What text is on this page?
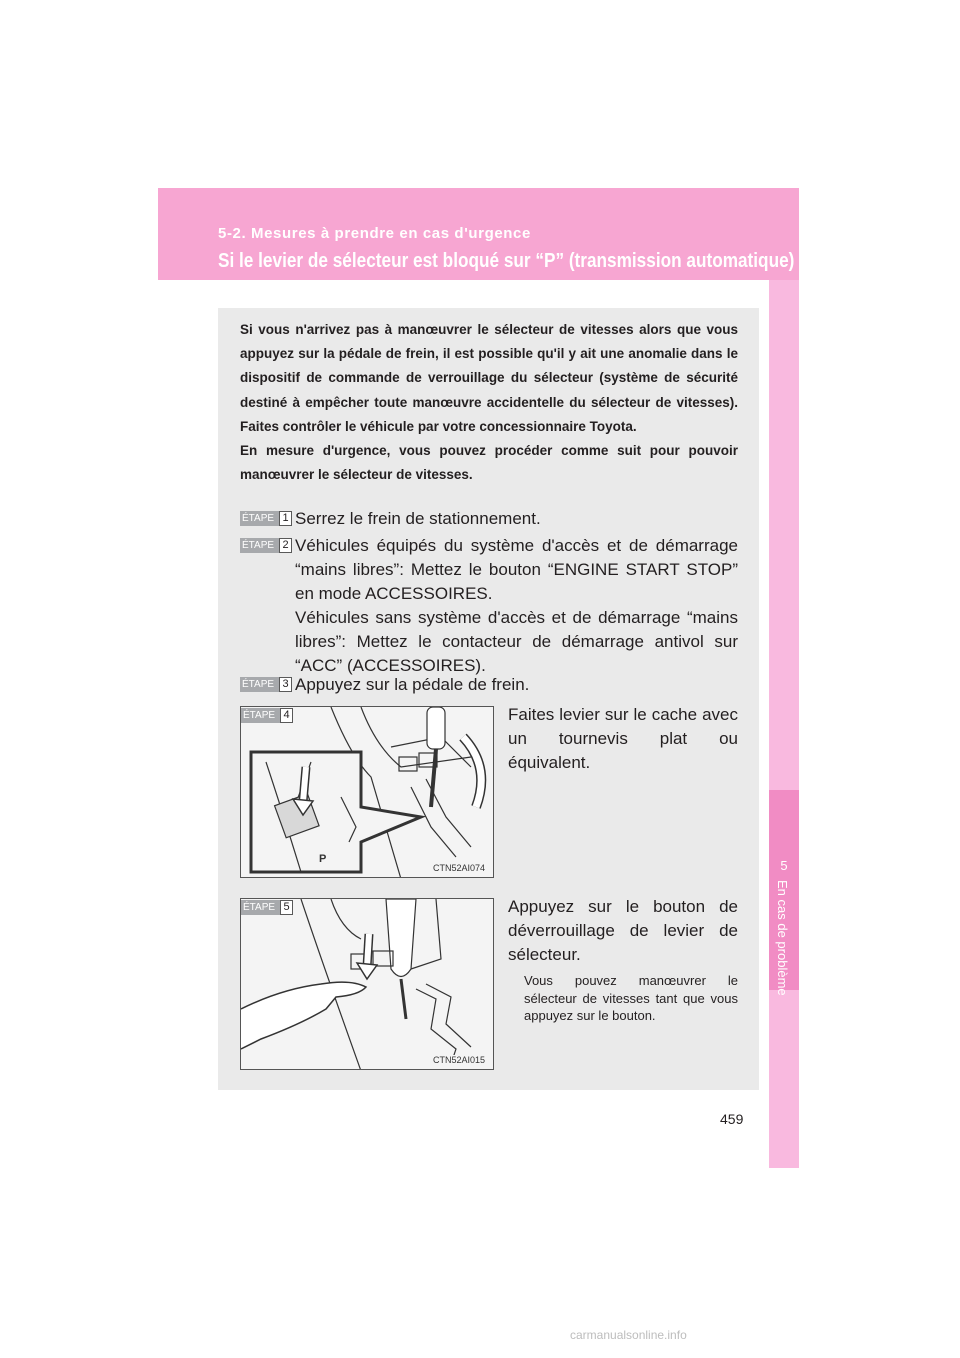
5-2. Mesures à prendre en cas d'urgence
Si le levier de sélecteur est bloqué sur “P” (transmission automatique)
5
En cas de problème

Si vous n'arrivez pas à manœuvrer le sélecteur de vitesses alors que vous appuyez sur la pédale de frein, il est possible qu'il y ait une anomalie dans le dispositif de commande de verrouillage du sélecteur (système de sécurité destiné à empêcher toute manœuvre accidentelle du sélecteur de vitesses). Faites contrôler le véhicule par votre concessionnaire Toyota.

En mesure d'urgence, vous pouvez procéder comme suit pour pouvoir manœuvrer le sélecteur de vitesses.

ÉTAPE 1 Serrez le frein de stationnement.

ÉTAPE 2 Véhicules équipés du système d'accès et de démarrage “mains libres”: Mettez le bouton “ENGINE START STOP” en mode ACCESSOIRES.

Véhicules sans système d'accès et de démarrage “mains libres”: Mettez le contacteur de démarrage antivol sur “ACC” (ACCESSOIRES).

ÉTAPE 3 Appuyez sur la pédale de frein.

P
ÉTAPE 4
CTN52AI074
Faites levier sur le cache avec un tournevis plat ou équivalent.
ÉTAPE 5
CTN52AI015
Appuyez sur le bouton de déverrouillage de levier de sélecteur.
Vous pouvez manœuvrer le sélecteur de vitesses tant que vous appuyez sur le bouton.
459
carmanualsonline.info
